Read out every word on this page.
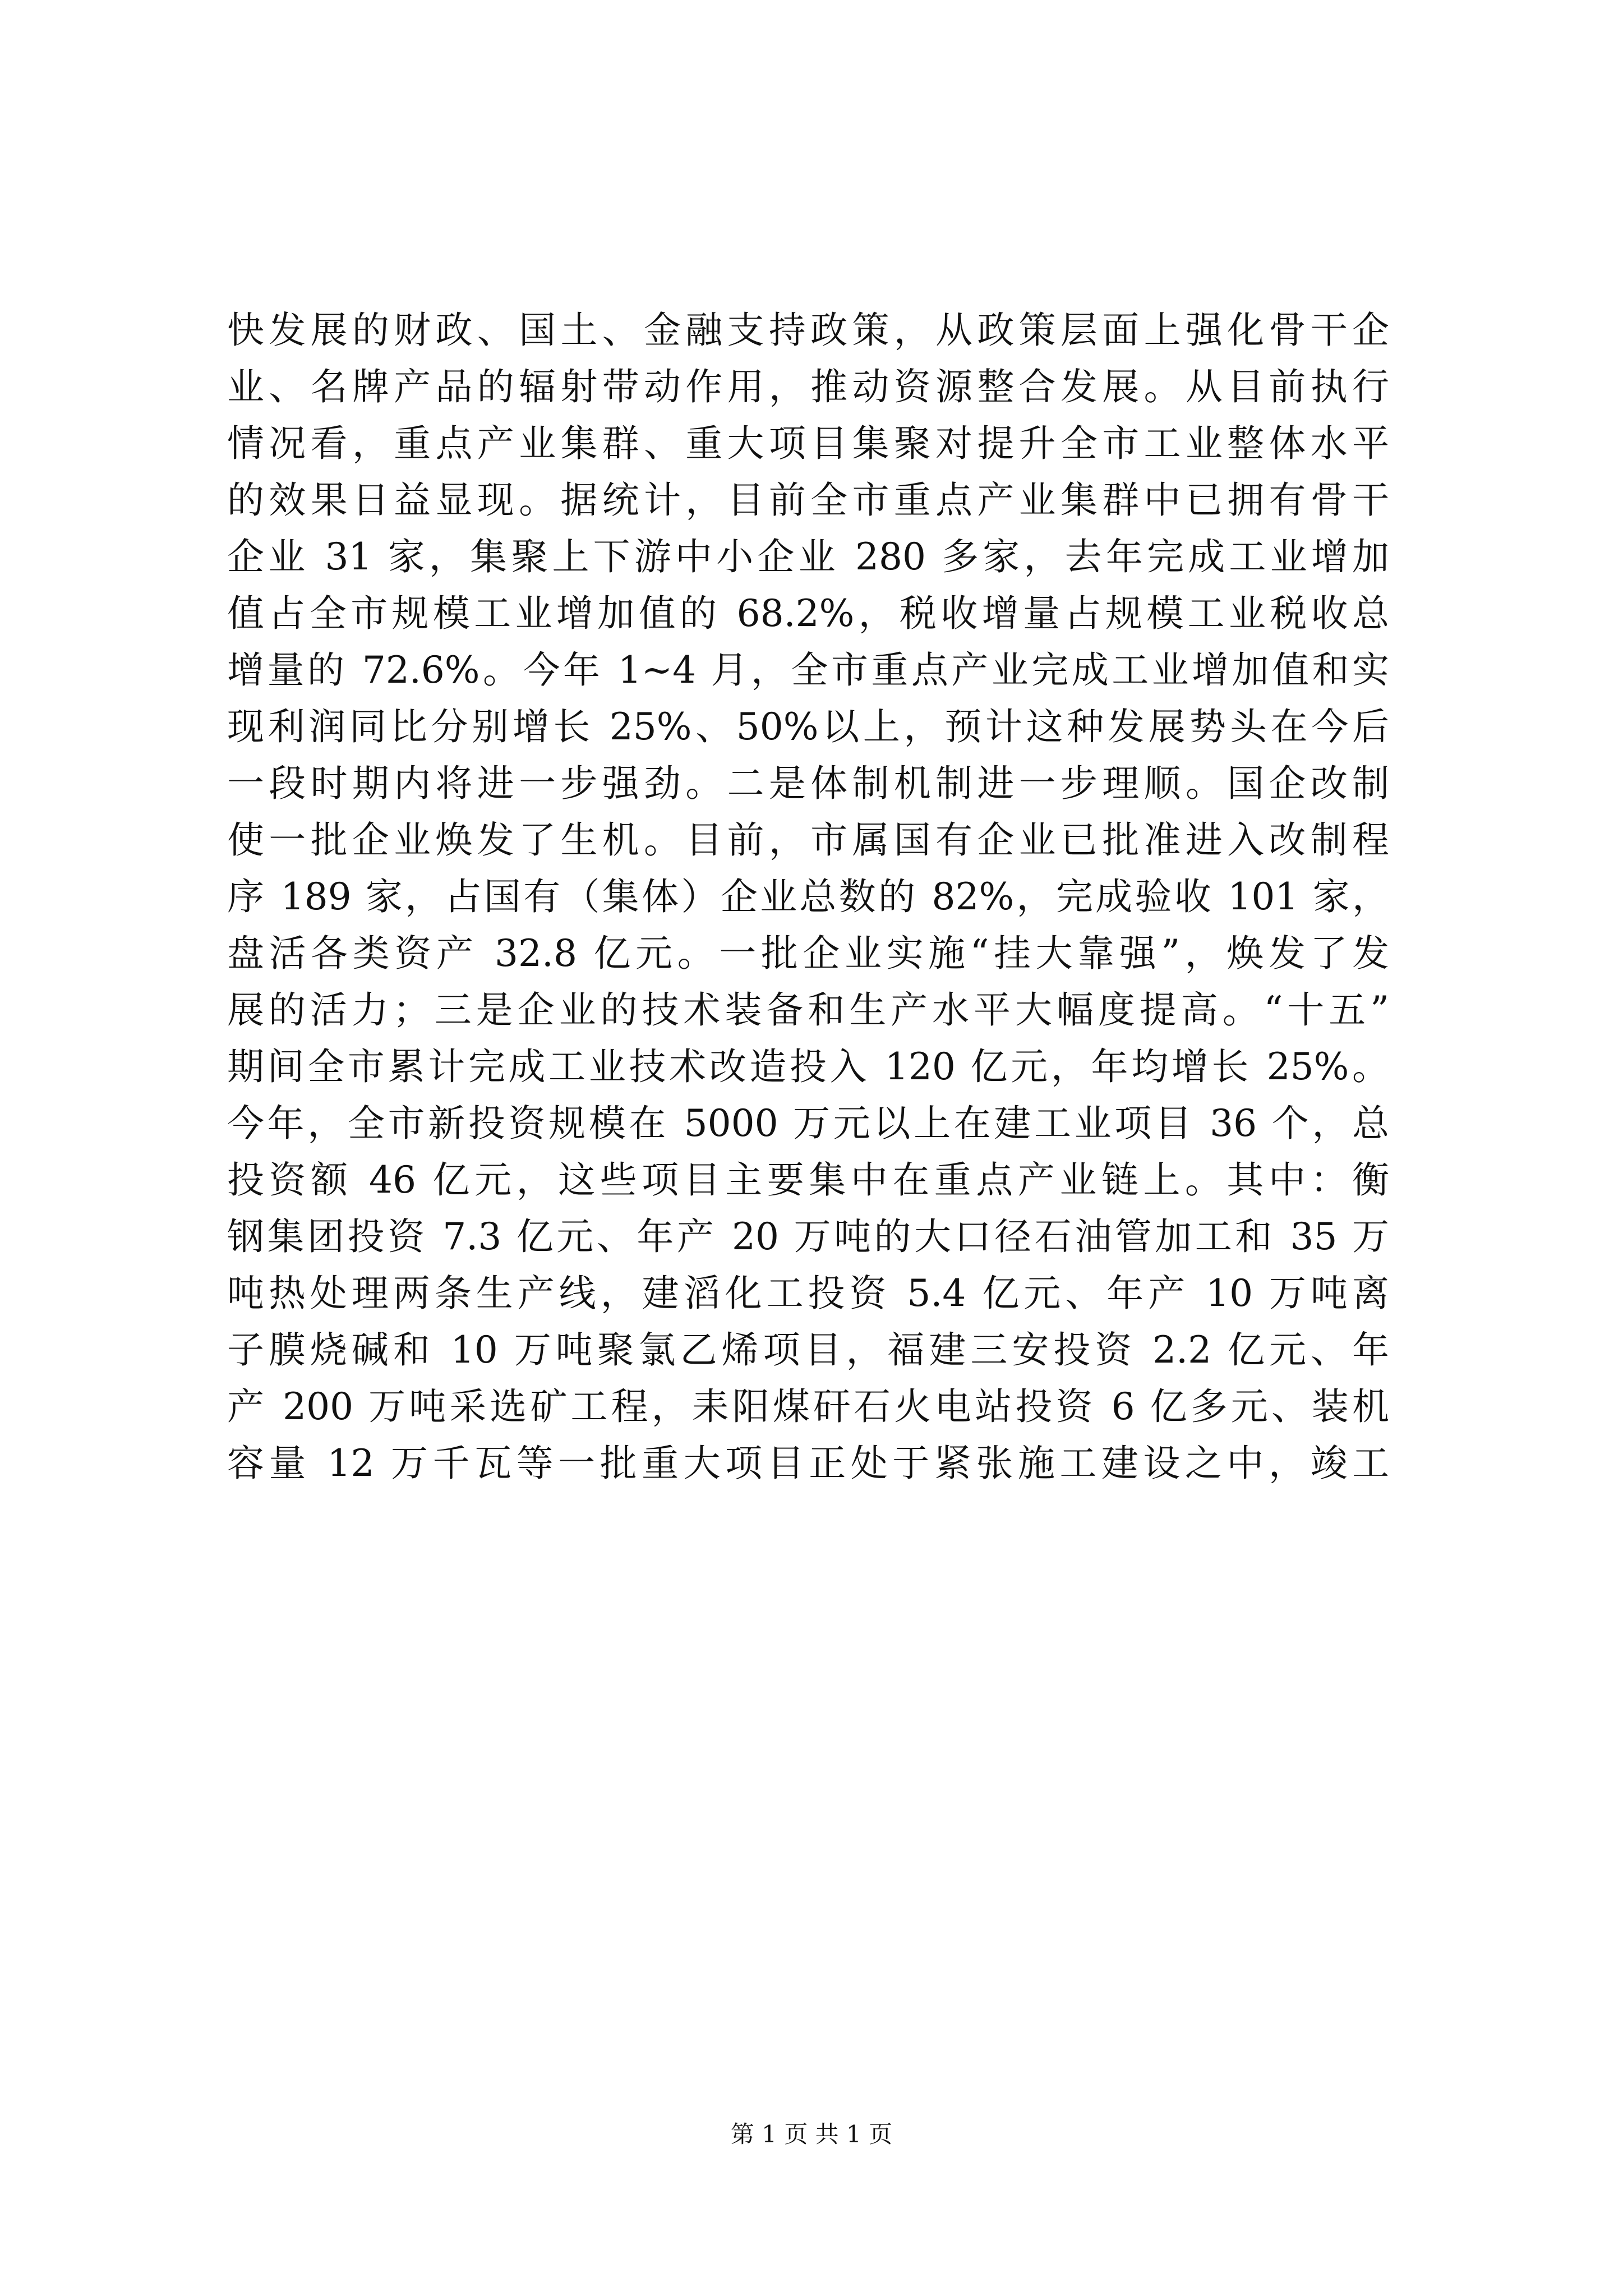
快发展的财政、国土、金融支持政策，从政策层面上强化骨干企
业、名牌产品的辐射带动作用，推动资源整合发展。从目前执行
情况看，重点产业集群、重大项目集聚对提升全市工业整体水平
的效果日益显现。据统计，目前全市重点产业集群中已拥有骨干
企业 31 家，集聚上下游中小企业 280 多家，去年完成工业增加
值占全市规模工业增加值的 68.2%，税收增量占规模工业税收总
增量的 72.6%。今年 1~4 月，全市重点产业完成工业增加值和实
现利润同比分别增长 25%、50%以上，预计这种发展势头在今后
一段时期内将进一步强劲。二是体制机制进一步理顺。国企改制
使一批企业焕发了生机。目前，市属国有企业已批准进入改制程
序 189 家，占国有（集体）企业总数的 82%，完成验收 101 家，
盘活各类资产 32.8 亿元。一批企业实施“挂大靠强”，焕发了发
展的活力；三是企业的技术装备和生产水平大幅度提高。“十五”
期间全市累计完成工业技术改造投入 120 亿元，年均增长 25%。
今年，全市新投资规模在 5000 万元以上在建工业项目 36 个，总
投资额 46 亿元，这些项目主要集中在重点产业链上。其中：衡
钢集团投资 7.3 亿元、年产 20 万吨的大口径石油管加工和 35 万
吨热处理两条生产线，建滔化工投资 5.4 亿元、年产 10 万吨离
子膜烧碱和 10 万吨聚氯乙烯项目，福建三安投资 2.2 亿元、年
产 200 万吨采选矿工程，耒阳煤矸石火电站投资 6 亿多元、装机
容量 12 万千瓦等一批重大项目正处于紧张施工建设之中，竣工
第 1 页 共 1 页
